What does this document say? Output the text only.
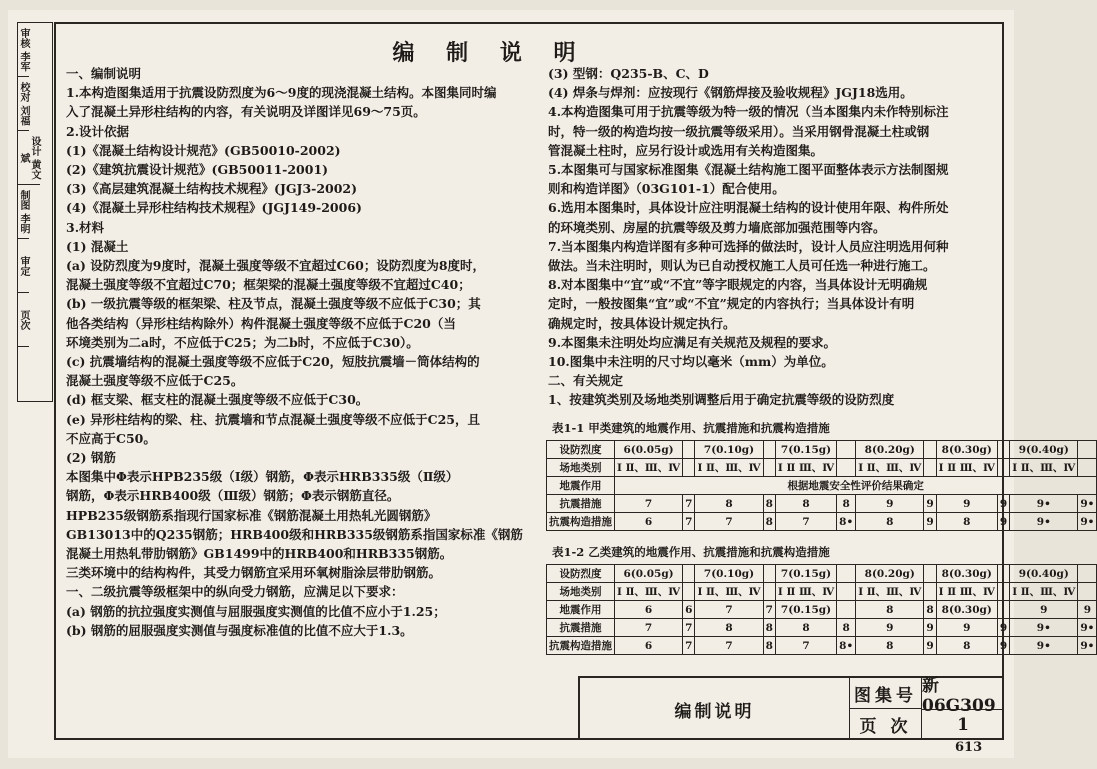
审核 李军
校对 刘福
设计 黄文斌
制图 李明
审定
页次
编 制 说 明
一、编制说明
1.本构造图集适用于抗震设防烈度为6～9度的现浇混凝土结构。本图集同时编
入了混凝土异形柱结构的内容，有关说明及详图详见69～75页。
2.设计依据
(1)《混凝土结构设计规范》(GB50010-2002)
(2)《建筑抗震设计规范》(GB50011-2001)
(3)《高层建筑混凝土结构技术规程》(JGJ3-2002)
(4)《混凝土异形柱结构技术规程》(JGJ149-2006)
3.材料
(1) 混凝土
(a) 设防烈度为9度时，混凝土强度等级不宜超过C60；设防烈度为8度时，
混凝土强度等级不宜超过C70；框架梁的混凝土强度等级不宜超过C40；
(b) 一级抗震等级的框架梁、柱及节点，混凝土强度等级不应低于C30；其
他各类结构（异形柱结构除外）构件混凝土强度等级不应低于C20（当
环境类别为二a时，不应低于C25；为二b时，不应低于C30）。
(c) 抗震墙结构的混凝土强度等级不应低于C20，短肢抗震墙－筒体结构的
混凝土强度等级不应低于C25。
(d) 框支梁、框支柱的混凝土强度等级不应低于C30。
(e) 异形柱结构的梁、柱、抗震墙和节点混凝土强度等级不应低于C25，且
不应高于C50。
(2) 钢筋
本图集中Φ表示HPB235级（Ⅰ级）钢筋，Φ表示HRB335级（Ⅱ级）
钢筋，Φ表示HRB400级（Ⅲ级）钢筋；Φ表示钢筋直径。
HPB235级钢筋系指现行国家标准《钢筋混凝土用热轧光圆钢筋》
GB13013中的Q235钢筋；HRB400级和HRB335级钢筋系指国家标准《钢筋
混凝土用热轧带肋钢筋》GB1499中的HRB400和HRB335钢筋。
三类环境中的结构构件，其受力钢筋宜采用环氧树脂涂层带肋钢筋。
一、二级抗震等级框架中的纵向受力钢筋，应满足以下要求：
(a) 钢筋的抗拉强度实测值与屈服强度实测值的比值不应小于1.25；
(b) 钢筋的屈服强度实测值与强度标准值的比值不应大于1.3。
(3) 型钢：Q235-B、C、D
(4) 焊条与焊剂：应按现行《钢筋焊接及验收规程》JGJ18选用。
4.本构造图集可用于抗震等级为特一级的情况（当本图集内未作特别标注
时，特一级的构造均按一级抗震等级采用）。当采用钢骨混凝土柱或钢
管混凝土柱时，应另行设计或选用有关构造图集。
5.本图集可与国家标准图集《混凝土结构施工图平面整体表示方法制图规
则和构造详图》（03G101-1）配合使用。
6.选用本图集时，具体设计应注明混凝土结构的设计使用年限、构件所处
的环境类别、房屋的抗震等级及剪力墙底部加强范围等内容。
7.当本图集内构造详图有多种可选择的做法时，设计人员应注明选用何种
做法。当未注明时，则认为已自动授权施工人员可任选一种进行施工。
8.对本图集中“宜”或“不宜”等字眼规定的内容，当具体设计无明确规
定时，一般按图集“宜”或“不宜”规定的内容执行；当具体设计有明
确规定时，按具体设计规定执行。
9.本图集未注明处均应满足有关规范及规程的要求。
10.图集中未注明的尺寸均以毫米（mm）为单位。
二、有关规定
1、按建筑类别及场地类别调整后用于确定抗震等级的设防烈度
表1-1 甲类建筑的地震作用、抗震措施和抗震构造措施
设防烈度	6(0.05g)		7(0.10g)		7(0.15g)		8(0.20g)		8(0.30g)		9(0.40g)	
场地类别	Ⅰ Ⅱ、Ⅲ、Ⅳ		Ⅰ Ⅱ、Ⅲ、Ⅳ		Ⅰ Ⅱ Ⅲ、Ⅳ		Ⅰ Ⅱ、Ⅲ、Ⅳ		Ⅰ Ⅱ Ⅲ、Ⅳ		Ⅰ Ⅱ、Ⅲ、Ⅳ	
地震作用	根据地震安全性评价结果确定											
抗震措施	7	7	8	8	8	8	9	9	9	9	9•	9•
抗震构造措施	6	7	7	8	7	8•	8	9	8	9	9•	9•
表1-2 乙类建筑的地震作用、抗震措施和抗震构造措施
设防烈度	6(0.05g)		7(0.10g)		7(0.15g)		8(0.20g)		8(0.30g)		9(0.40g)	
场地类别	Ⅰ Ⅱ、Ⅲ、Ⅳ		Ⅰ Ⅱ、Ⅲ、Ⅳ		Ⅰ Ⅱ Ⅲ、Ⅳ		Ⅰ Ⅱ、Ⅲ、Ⅳ		Ⅰ Ⅱ Ⅲ、Ⅳ		Ⅰ Ⅱ、Ⅲ、Ⅳ	
地震作用	6	6	7	7	7(0.15g)		8	8	8(0.30g)		9	9
抗震措施	7	7	8	8	8	8	9	9	9	9	9•	9•
抗震构造措施	6	7	7	8	7	8•	8	9	8	9	9•	9•
编制说明
图集号 新06G309
页 次	1
613
